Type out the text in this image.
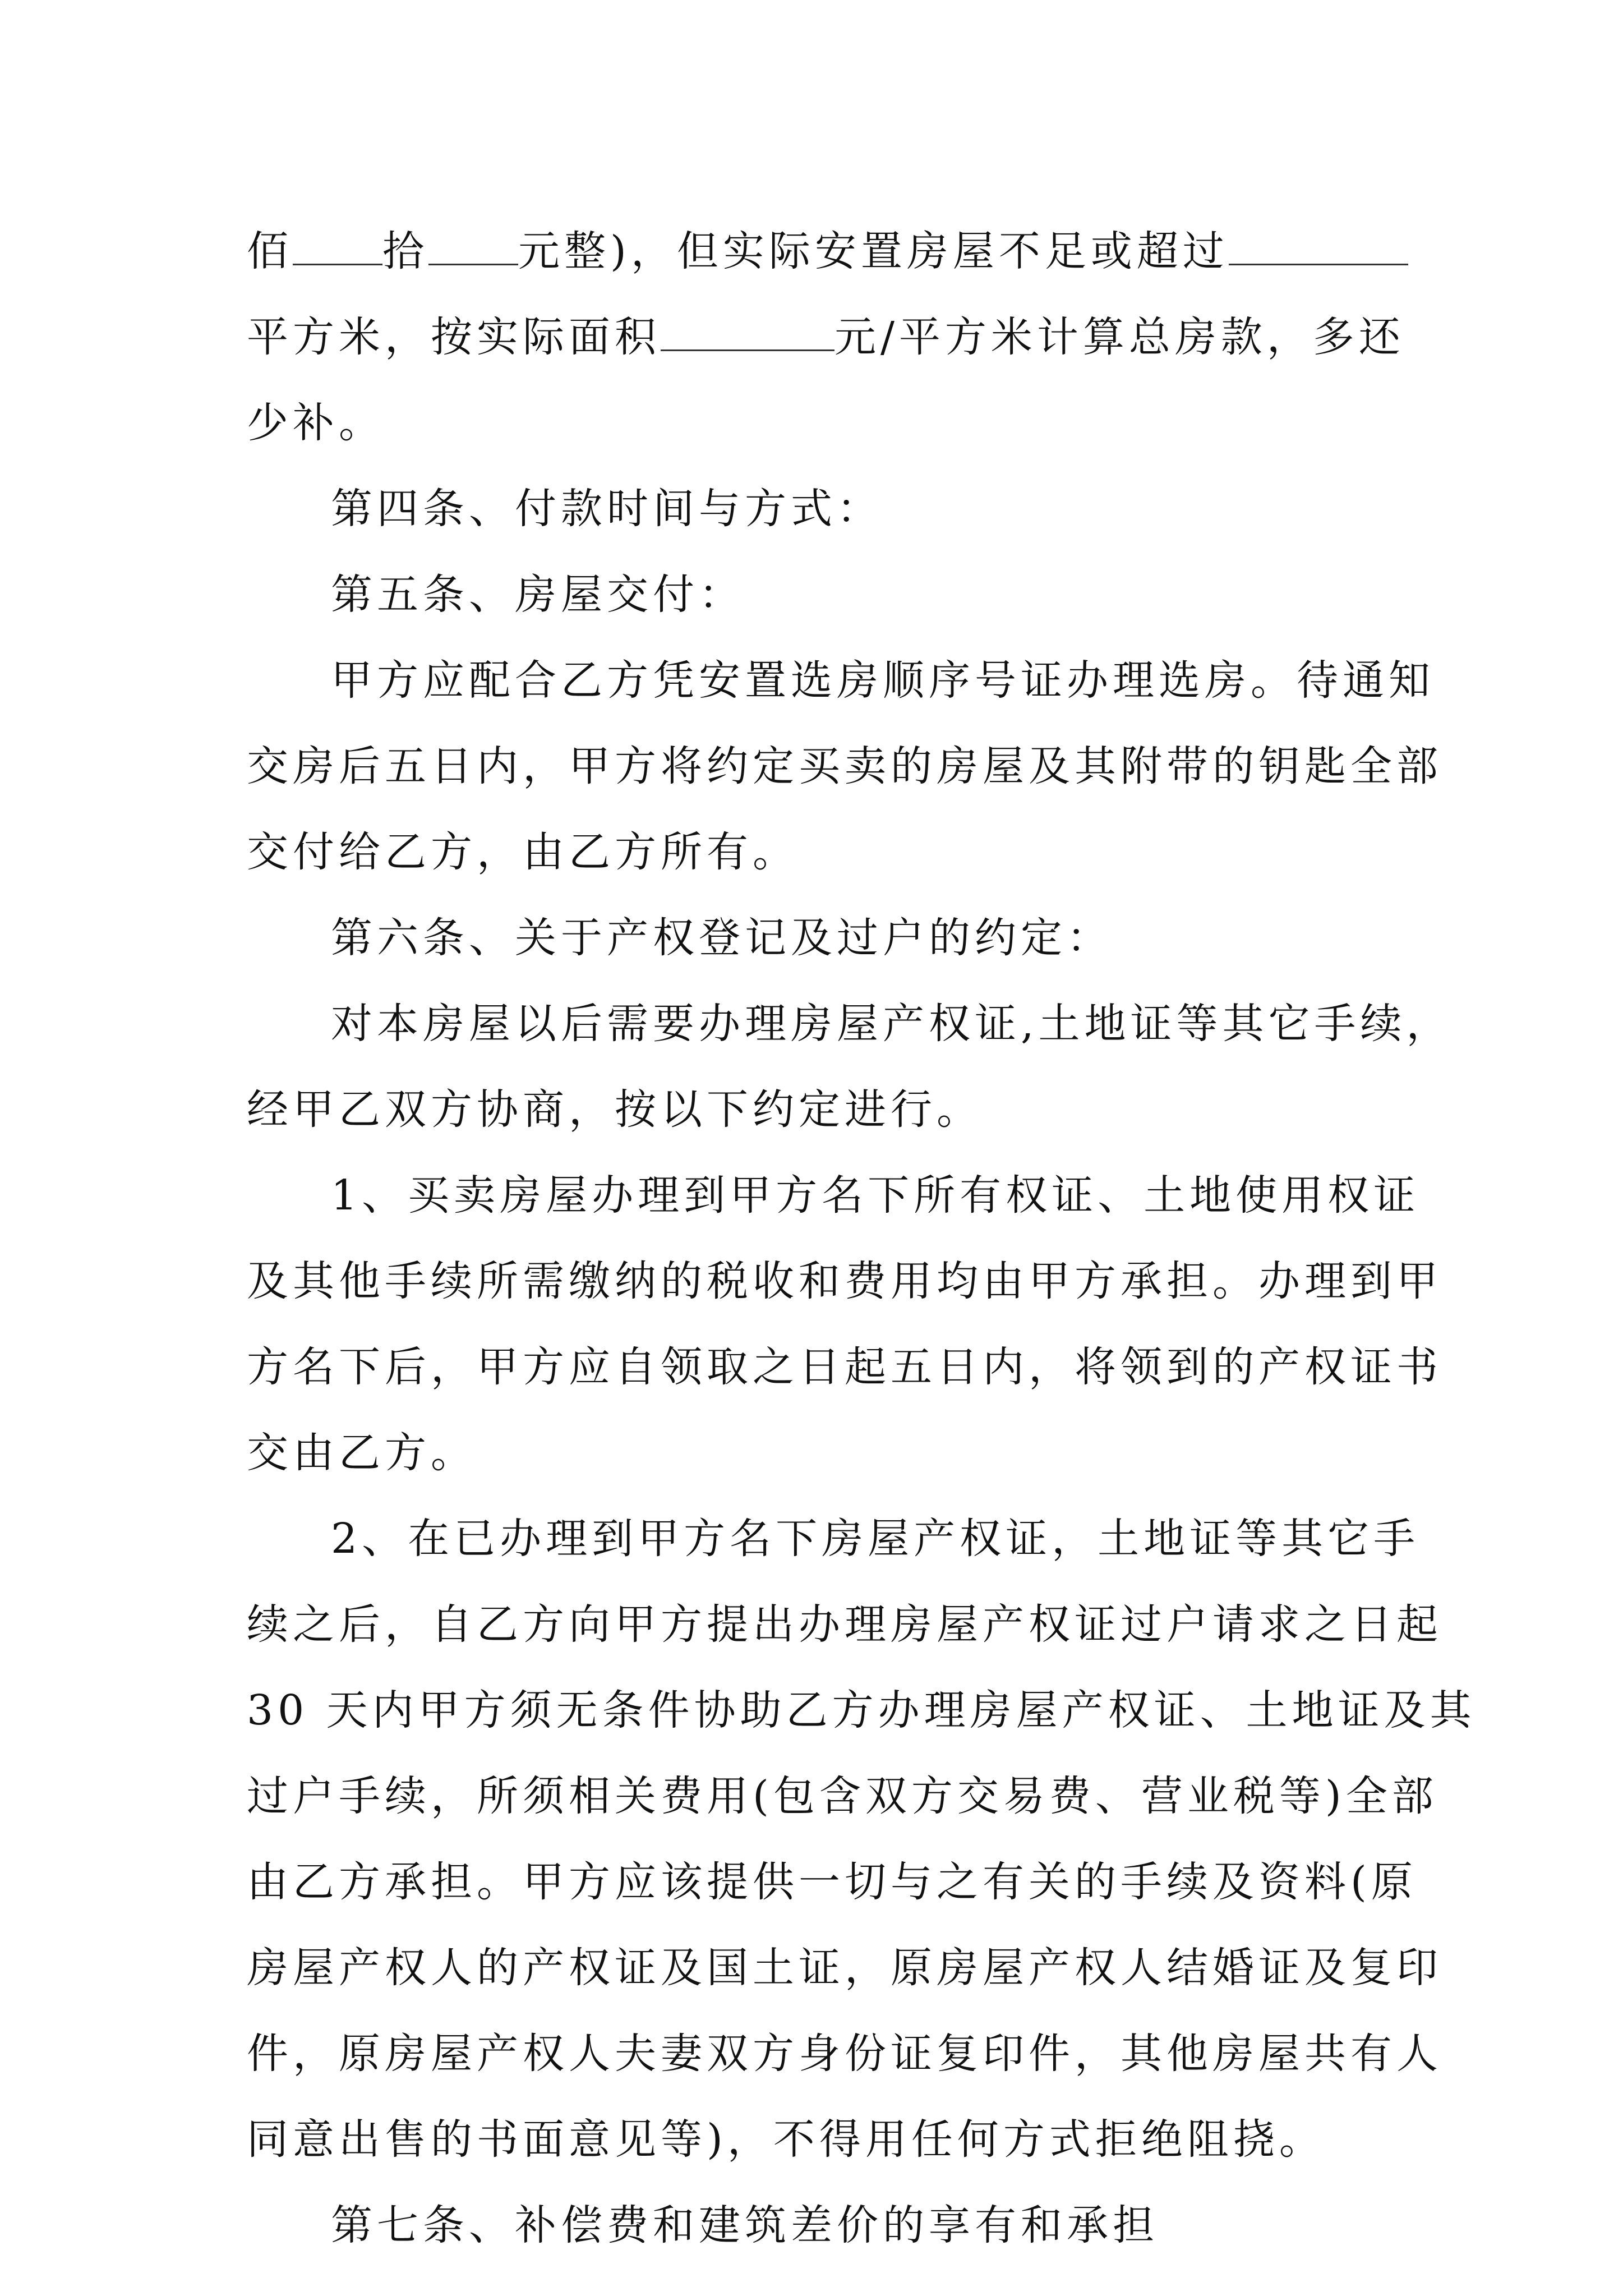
佰 拾 元整)，但实际安置房屋不足或超过
平方米，按实际面积	元/平方米计算总房款，多还
少补。
第四条、付款时间与方式：
第五条、房屋交付：
甲方应配合乙方凭安置选房顺序号证办理选房。待通知
交房后五日内，甲方将约定买卖的房屋及其附带的钥匙全部
交付给乙方，由乙方所有。
第六条、关于产权登记及过户的约定：
对本房屋以后需要办理房屋产权证,土地证等其它手续，
经甲乙双方协商，按以下约定进行。
1、买卖房屋办理到甲方名下所有权证、土地使用权证
及其他手续所需缴纳的税收和费用均由甲方承担。办理到甲
方名下后，甲方应自领取之日起五日内，将领到的产权证书
交由乙方。
2、在已办理到甲方名下房屋产权证，土地证等其它手
续之后，自乙方向甲方提出办理房屋产权证过户请求之日起
30 天内甲方须无条件协助乙方办理房屋产权证、土地证及其
过户手续，所须相关费用(包含双方交易费、营业税等)全部
由乙方承担。甲方应该提供一切与之有关的手续及资料(原
房屋产权人的产权证及国土证，原房屋产权人结婚证及复印
件，原房屋产权人夫妻双方身份证复印件，其他房屋共有人
同意出售的书面意见等)，不得用任何方式拒绝阻挠。
第七条、补偿费和建筑差价的享有和承担
